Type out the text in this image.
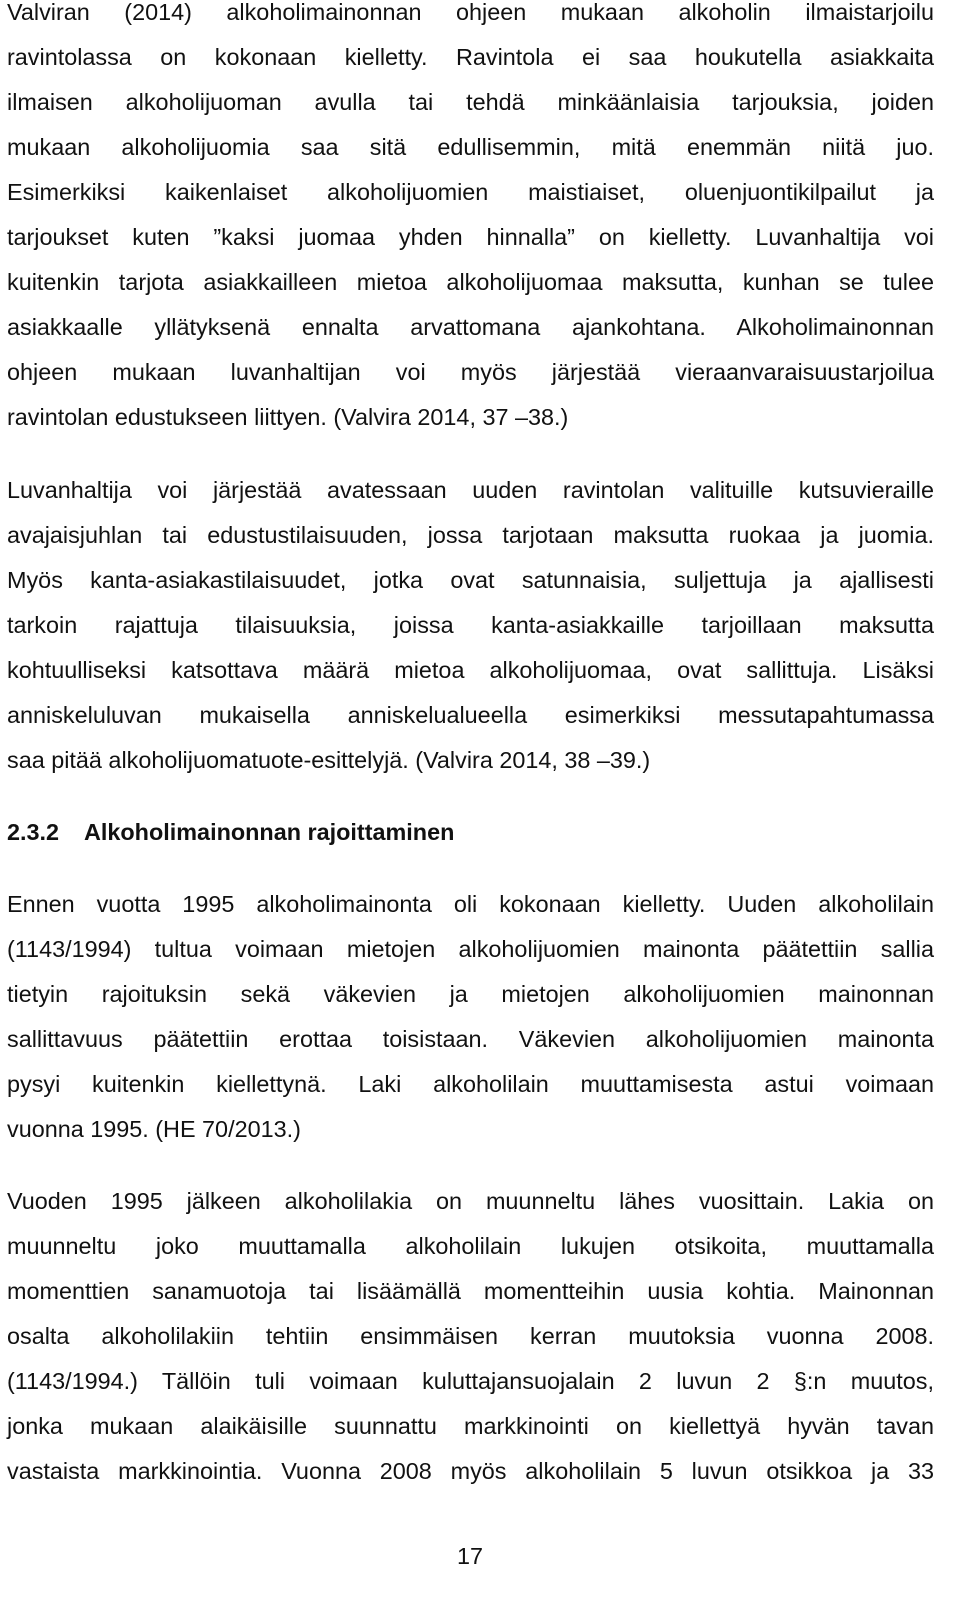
Valviran (2014) alkoholimainonnan ohjeen mukaan alkoholin ilmaistarjoilu
ravintolassa on kokonaan kielletty. Ravintola ei saa houkutella asiakkaita
ilmaisen alkoholijuoman avulla tai tehdä minkäänlaisia tarjouksia, joiden
mukaan alkoholijuomia saa sitä edullisemmin, mitä enemmän niitä juo.
Esimerkiksi kaikenlaiset alkoholijuomien maistiaiset, oluenjuontikilpailut ja
tarjoukset kuten ”kaksi juomaa yhden hinnalla” on kielletty. Luvanhaltija voi
kuitenkin tarjota asiakkailleen mietoa alkoholijuomaa maksutta, kunhan se tulee
asiakkaalle yllätyksenä ennalta arvattomana ajankohtana. Alkoholimainonnan
ohjeen mukaan luvanhaltijan voi myös järjestää vieraanvaraisuustarjoilua
ravintolan edustukseen liittyen. (Valvira 2014, 37 –38.)
Luvanhaltija voi järjestää avatessaan uuden ravintolan valituille kutsuvieraille
avajaisjuhlan tai edustustilaisuuden, jossa tarjotaan maksutta ruokaa ja juomia.
Myös kanta-asiakastilaisuudet, jotka ovat satunnaisia, suljettuja ja ajallisesti
tarkoin rajattuja tilaisuuksia, joissa kanta-asiakkaille tarjoillaan maksutta
kohtuulliseksi katsottava määrä mietoa alkoholijuomaa, ovat sallittuja. Lisäksi
anniskeluluvan mukaisella anniskelualueella esimerkiksi messutapahtumassa
saa pitää alkoholijuomatuote-esittelyjä. (Valvira 2014, 38 –39.)
2.3.2 Alkoholimainonnan rajoittaminen
Ennen vuotta 1995 alkoholimainonta oli kokonaan kielletty. Uuden alkoholilain
(1143/1994) tultua voimaan mietojen alkoholijuomien mainonta päätettiin sallia
tietyin rajoituksin sekä väkevien ja mietojen alkoholijuomien mainonnan
sallittavuus päätettiin erottaa toisistaan. Väkevien alkoholijuomien mainonta
pysyi kuitenkin kiellettynä. Laki alkoholilain muuttamisesta astui voimaan
vuonna 1995. (HE 70/2013.)
Vuoden 1995 jälkeen alkoholilakia on muunneltu lähes vuosittain. Lakia on
muunneltu joko muuttamalla alkoholilain lukujen otsikoita, muuttamalla
momenttien sanamuotoja tai lisäämällä momentteihin uusia kohtia. Mainonnan
osalta alkoholilakiin tehtiin ensimmäisen kerran muutoksia vuonna 2008.
(1143/1994.) Tällöin tuli voimaan kuluttajansuojalain 2 luvun 2 §:n muutos,
jonka mukaan alaikäisille suunnattu markkinointi on kiellettyä hyvän tavan
vastaista markkinointia. Vuonna 2008 myös alkoholilain 5 luvun otsikkoa ja 33
17
